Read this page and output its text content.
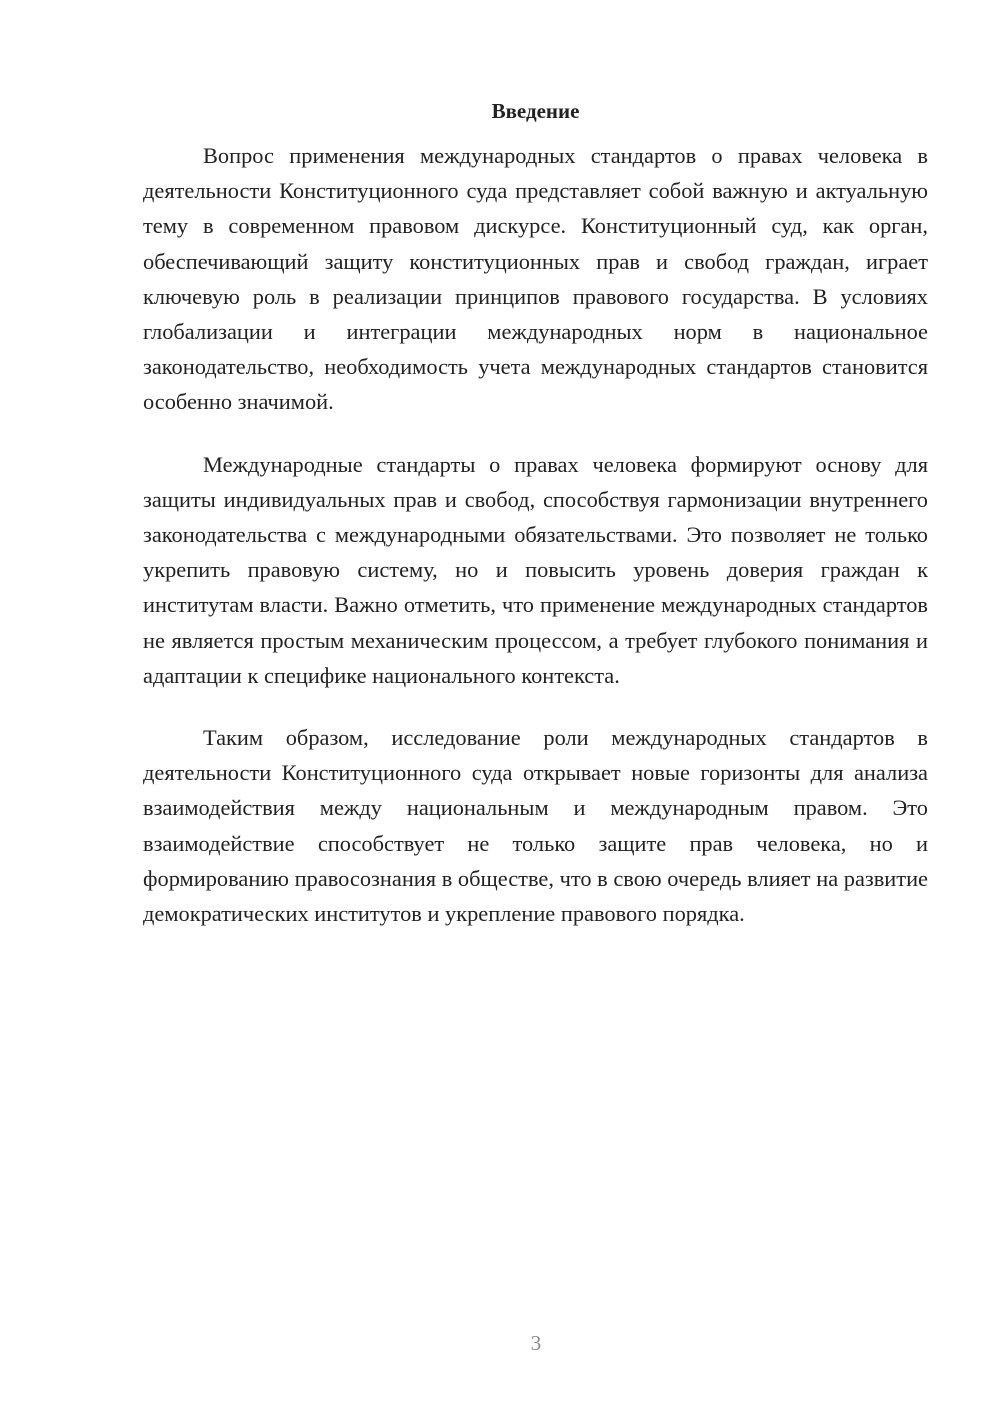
Введение

Вопрос применения международных стандартов о правах человека в деятельности Конституционного суда представляет собой важную и актуальную тему в современном правовом дискурсе. Конституционный суд, как орган, обеспечивающий защиту конституционных прав и свобод граждан, играет ключевую роль в реализации принципов правового государства. В условиях глобализации и интеграции международных норм в национальное законодательство, необходимость учета международных стандартов становится особенно значимой.

Международные стандарты о правах человека формируют основу для защиты индивидуальных прав и свобод, способствуя гармонизации внутреннего законодательства с международными обязательствами. Это позволяет не только укрепить правовую систему, но и повысить уровень доверия граждан к институтам власти. Важно отметить, что применение международных стандартов не является простым механическим процессом, а требует глубокого понимания и адаптации к специфике национального контекста.

Таким образом, исследование роли международных стандартов в деятельности Конституционного суда открывает новые горизонты для анализа взаимодействия между национальным и международным правом. Это взаимодействие способствует не только защите прав человека, но и формированию правосознания в обществе, что в свою очередь влияет на развитие демократических институтов и укрепление правового порядка.

3
